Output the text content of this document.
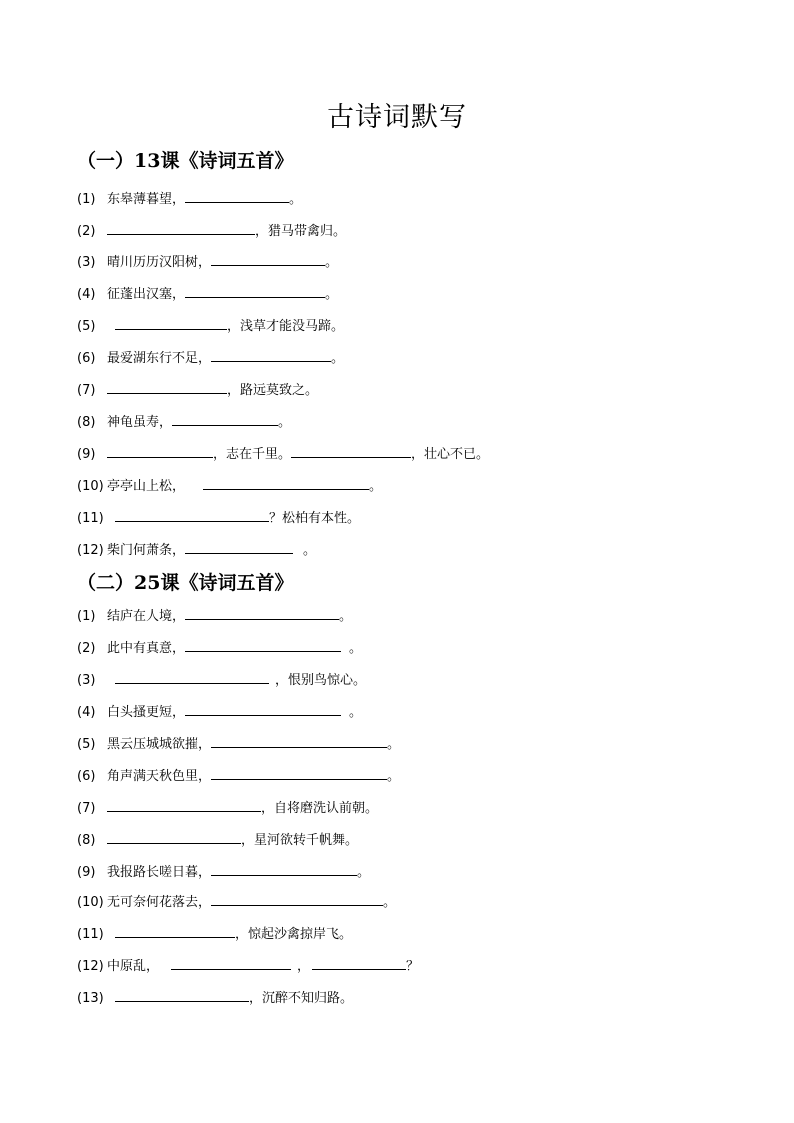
古诗词默写
（一）13课《诗词五首》
(1) 东皋薄暮望，	。
(2)	，猎马带禽归。
(3) 晴川历历汉阳树，	。
(4) 征蓬出汉塞，	。
(5)	，浅草才能没马蹄。
(6) 最爱湖东行不足，	。
(7)	，路远莫致之。
(8) 神龟虽寿，	。
(9)	，志在千里。	，壮心不已。
(10) 亭亭山上松，	。
(11)	？松柏有本性。
(12) 柴门何萧条，	。
（二）25课《诗词五首》
(1) 结庐在人境，	。
(2) 此中有真意，	。
(3)	，恨别鸟惊心。
(4) 白头搔更短，	。
(5) 黑云压城城欲摧，	。
(6) 角声满天秋色里，	。
(7)	，自将磨洗认前朝。
(8)	，星河欲转千帆舞。
(9) 我报路长嗟日暮，	。
(10) 无可奈何花落去，	。
(11)	，惊起沙禽掠岸飞。
(12) 中原乱，	，	？
(13)	，沉醉不知归路。
